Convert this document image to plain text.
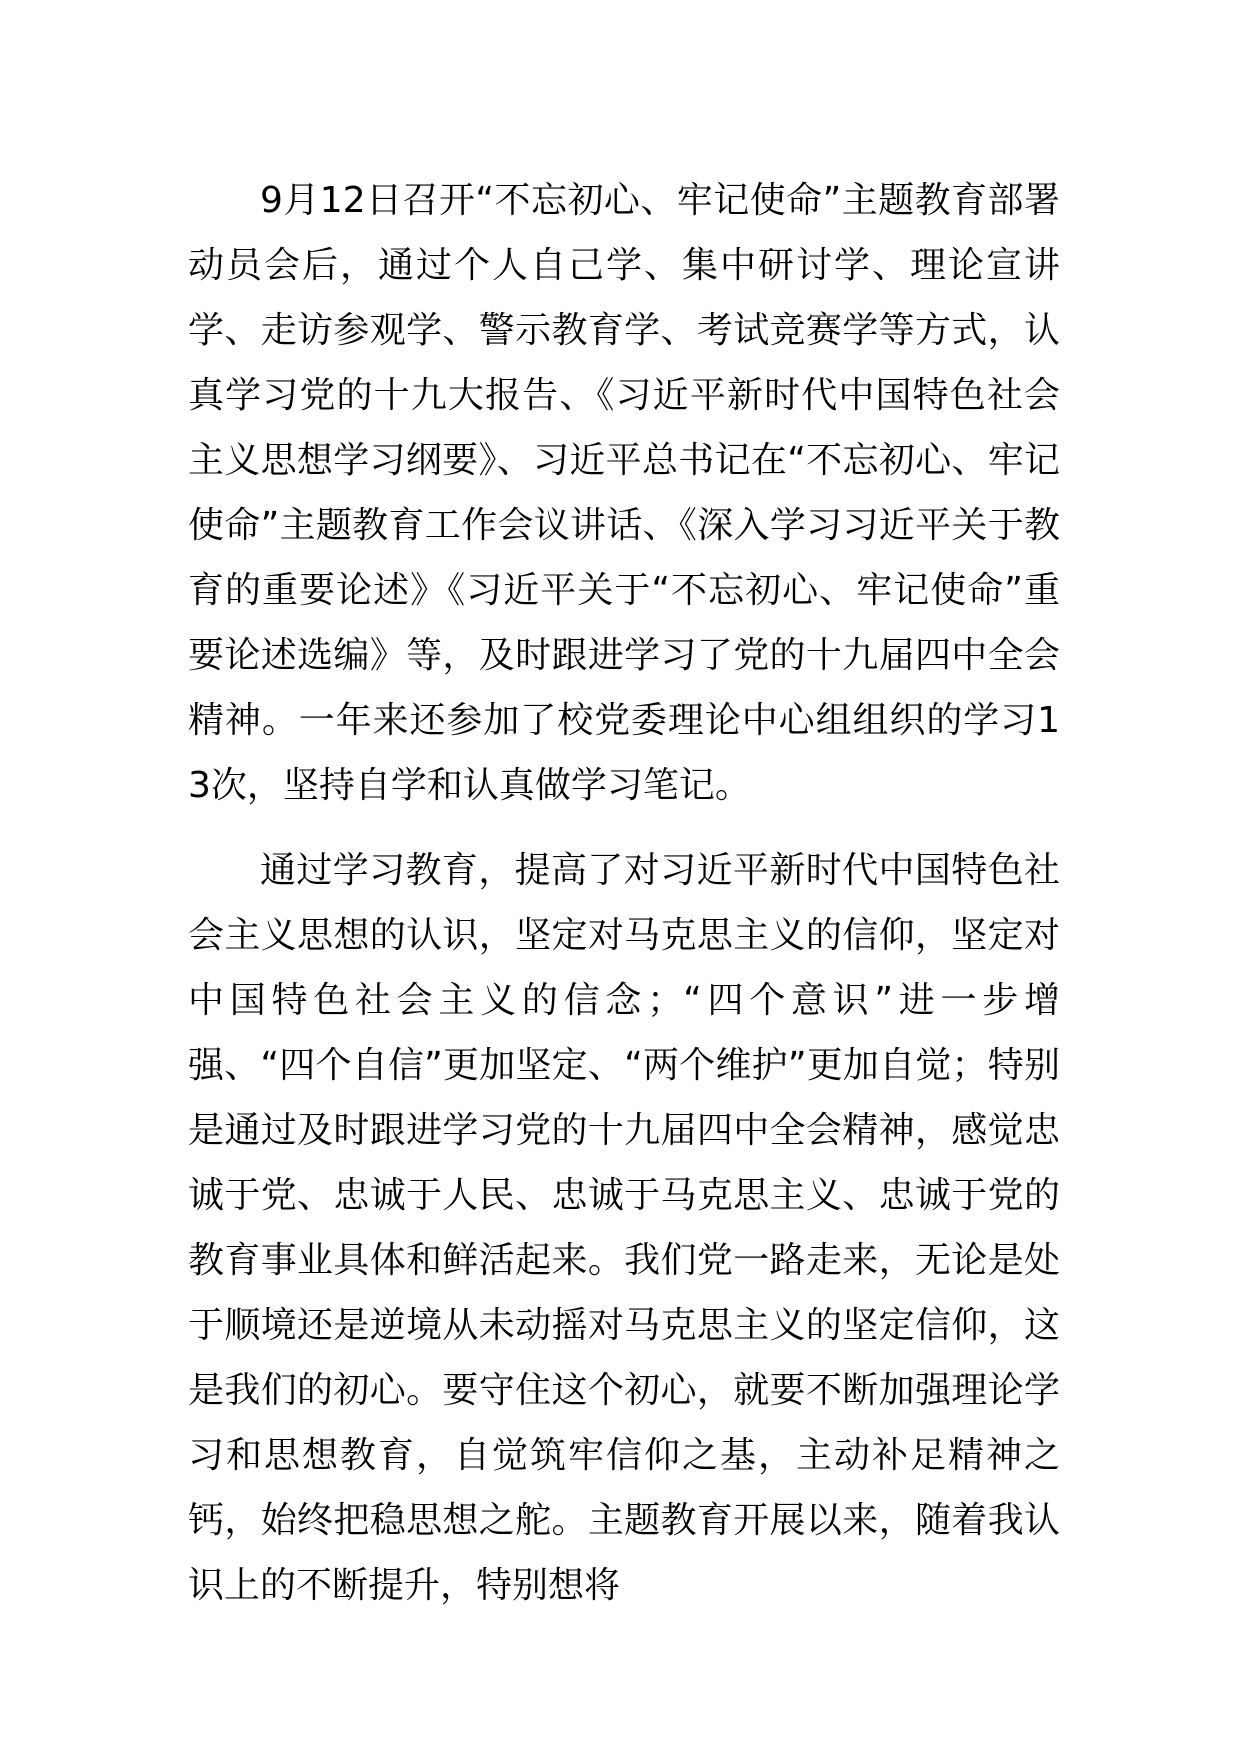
9月12日召开“不忘初心、牢记使命”主题教育部署动员会后，通过个人自己学、集中研讨学、理论宣讲学、走访参观学、警示教育学、考试竞赛学等方式，认真学习党的十九大报告、《习近平新时代中国特色社会主义思想学习纲要》、习近平总书记在“不忘初心、牢记使命”主题教育工作会议讲话、《深入学习习近平关于教育的重要论述》《习近平关于“不忘初心、牢记使命”重要论述选编》等，及时跟进学习了党的十九届四中全会精神。一年来还参加了校党委理论中心组组织的学习13次，坚持自学和认真做学习笔记。

通过学习教育，提高了对习近平新时代中国特色社会主义思想的认识，坚定对马克思主义的信仰，坚定对中国特色社会主义的信念；“四个意识”进一步增强、“四个自信”更加坚定、“两个维护”更加自觉；特别是通过及时跟进学习党的十九届四中全会精神，感觉忠诚于党、忠诚于人民、忠诚于马克思主义、忠诚于党的教育事业具体和鲜活起来。我们党一路走来，无论是处于顺境还是逆境从未动摇对马克思主义的坚定信仰，这是我们的初心。要守住这个初心，就要不断加强理论学习和思想教育，自觉筑牢信仰之基，主动补足精神之钙，始终把稳思想之舵。主题教育开展以来，随着我认识上的不断提升，特别想将
